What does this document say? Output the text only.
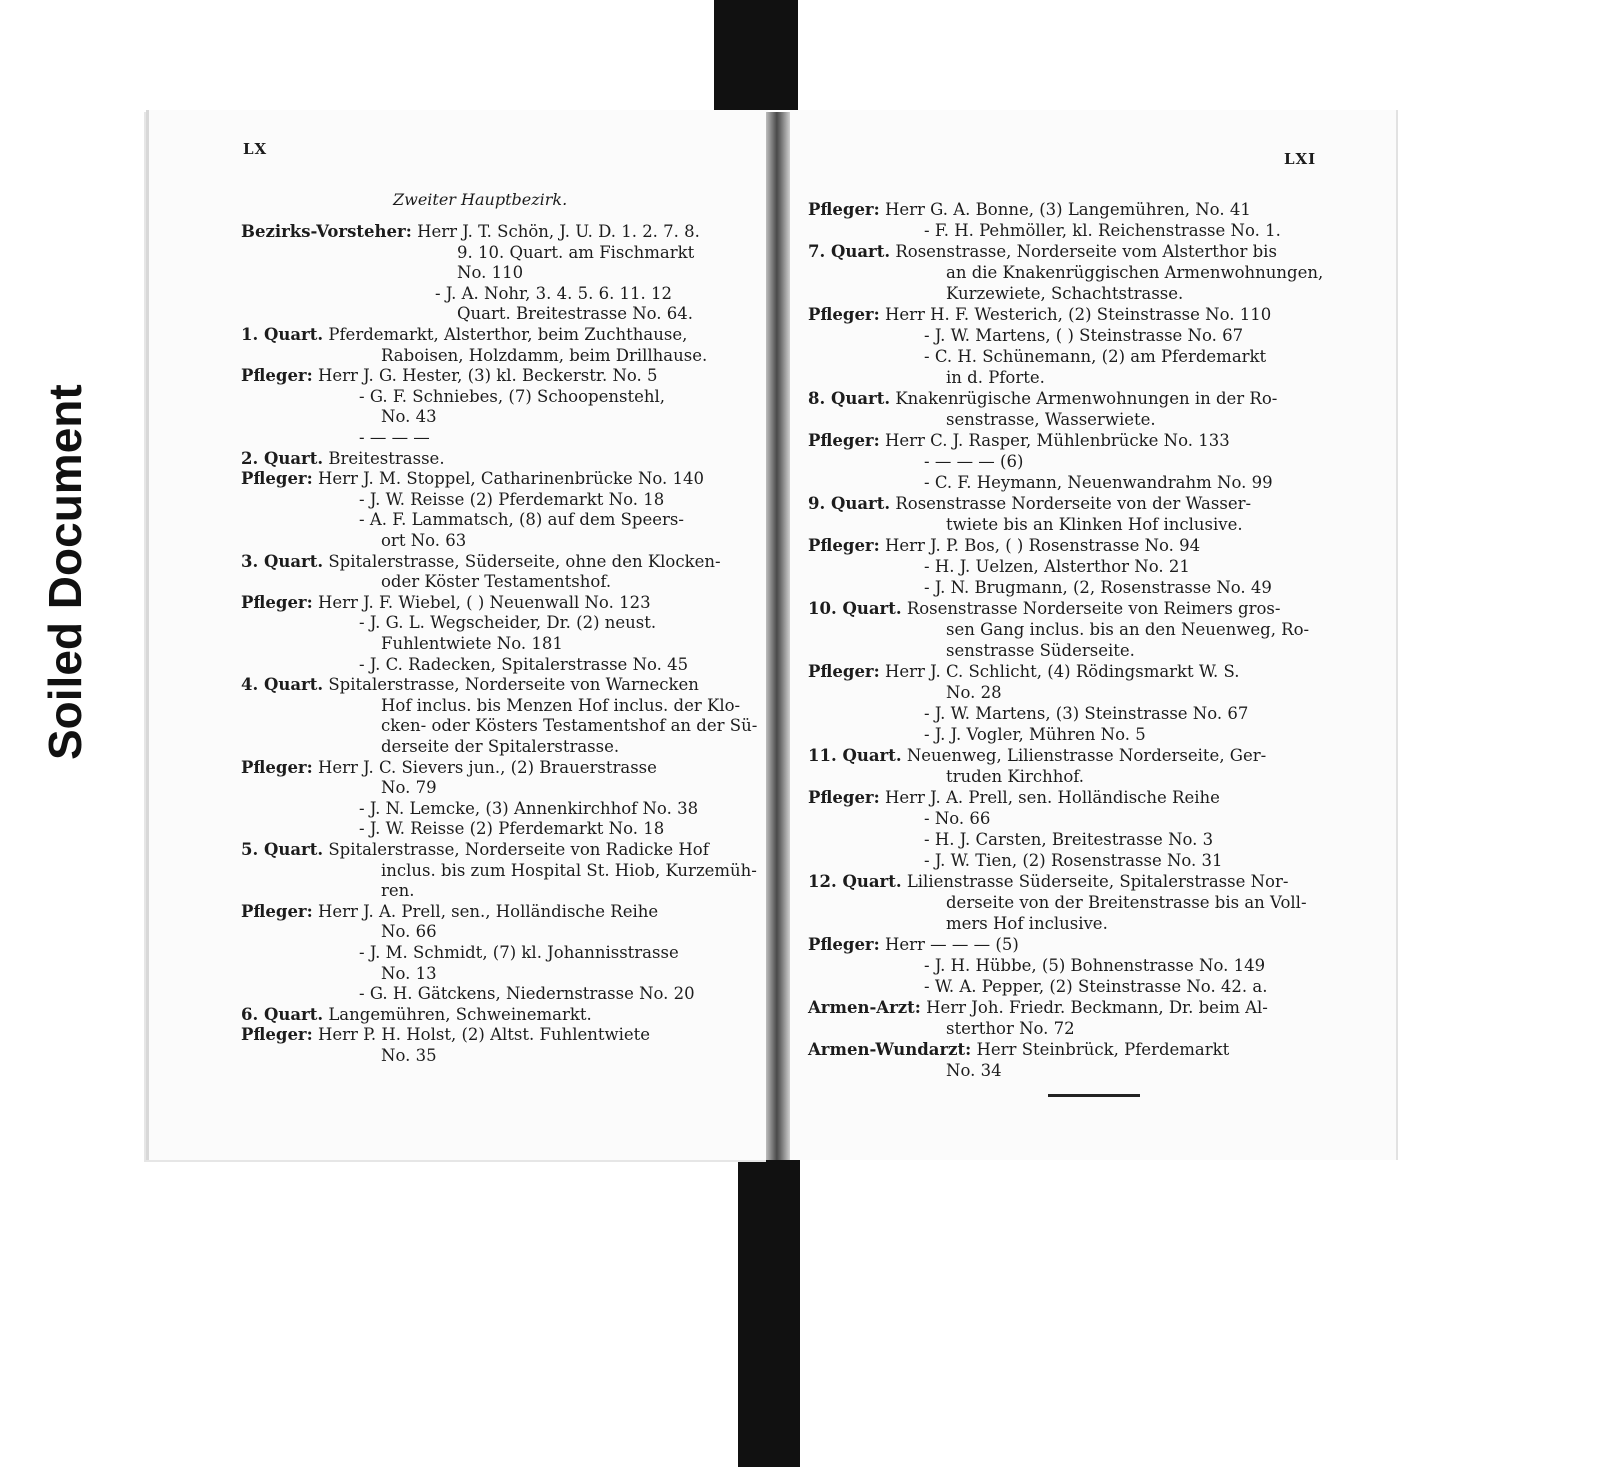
Soiled Document
LX
Zweiter Hauptbezirk.
Bezirks-Vorsteher: Herr J. T. Schön, J. U. D. 1. 2. 7. 8.
9. 10. Quart. am Fischmarkt
No. 110
- J. A. Nohr, 3. 4. 5. 6. 11. 12
Quart. Breitestrasse No. 64.
1. Quart. Pferdemarkt, Alsterthor, beim Zuchthause,
Raboisen, Holzdamm, beim Drillhause.
Pfleger: Herr J. G. Hester, (3) kl. Beckerstr. No. 5
- G. F. Schniebes, (7) Schoopenstehl,
No. 43
- — — —
2. Quart. Breitestrasse.
Pfleger: Herr J. M. Stoppel, Catharinenbrücke No. 140
- J. W. Reisse (2) Pferdemarkt No. 18
- A. F. Lammatsch, (8) auf dem Speers-
ort No. 63
3. Quart. Spitalerstrasse, Süderseite, ohne den Klocken-
oder Köster Testamentshof.
Pfleger: Herr J. F. Wiebel, ( ) Neuenwall No. 123
- J. G. L. Wegscheider, Dr. (2) neust.
Fuhlentwiete No. 181
- J. C. Radecken, Spitalerstrasse No. 45
4. Quart. Spitalerstrasse, Norderseite von Warnecken
Hof inclus. bis Menzen Hof inclus. der Klo-
cken- oder Kösters Testamentshof an der Sü-
derseite der Spitalerstrasse.
Pfleger: Herr J. C. Sievers jun., (2) Brauerstrasse
No. 79
- J. N. Lemcke, (3) Annenkirchhof No. 38
- J. W. Reisse (2) Pferdemarkt No. 18
5. Quart. Spitalerstrasse, Norderseite von Radicke Hof
inclus. bis zum Hospital St. Hiob, Kurzemüh-
ren.
Pfleger: Herr J. A. Prell, sen., Holländische Reihe
No. 66
- J. M. Schmidt, (7) kl. Johannisstrasse
No. 13
- G. H. Gätckens, Niedernstrasse No. 20
6. Quart. Langemühren, Schweinemarkt.
Pfleger: Herr P. H. Holst, (2) Altst. Fuhlentwiete
No. 35
LXI
Pfleger: Herr G. A. Bonne, (3) Langemühren, No. 41
- F. H. Pehmöller, kl. Reichenstrasse No. 1.
7. Quart. Rosenstrasse, Norderseite vom Alsterthor bis
an die Knakenrüggischen Armenwohnungen,
Kurzewiete, Schachtstrasse.
Pfleger: Herr H. F. Westerich, (2) Steinstrasse No. 110
- J. W. Martens, ( ) Steinstrasse No. 67
- C. H. Schünemann, (2) am Pferdemarkt
in d. Pforte.
8. Quart. Knakenrügische Armenwohnungen in der Ro-
senstrasse, Wasserwiete.
Pfleger: Herr C. J. Rasper, Mühlenbrücke No. 133
- — — — (6)
- C. F. Heymann, Neuenwandrahm No. 99
9. Quart. Rosenstrasse Norderseite von der Wasser-
twiete bis an Klinken Hof inclusive.
Pfleger: Herr J. P. Bos, ( ) Rosenstrasse No. 94
- H. J. Uelzen, Alsterthor No. 21
- J. N. Brugmann, (2, Rosenstrasse No. 49
10. Quart. Rosenstrasse Norderseite von Reimers gros-
sen Gang inclus. bis an den Neuenweg, Ro-
senstrasse Süderseite.
Pfleger: Herr J. C. Schlicht, (4) Rödingsmarkt W. S.
No. 28
- J. W. Martens, (3) Steinstrasse No. 67
- J. J. Vogler, Mühren No. 5
11. Quart. Neuenweg, Lilienstrasse Norderseite, Ger-
truden Kirchhof.
Pfleger: Herr J. A. Prell, sen. Holländische Reihe
- No. 66
- H. J. Carsten, Breitestrasse No. 3
- J. W. Tien, (2) Rosenstrasse No. 31
12. Quart. Lilienstrasse Süderseite, Spitalerstrasse Nor-
derseite von der Breitenstrasse bis an Voll-
mers Hof inclusive.
Pfleger: Herr — — — (5)
- J. H. Hübbe, (5) Bohnenstrasse No. 149
- W. A. Pepper, (2) Steinstrasse No. 42. a.
Armen-Arzt: Herr Joh. Friedr. Beckmann, Dr. beim Al-
sterthor No. 72
Armen-Wundarzt: Herr Steinbrück, Pferdemarkt
No. 34
